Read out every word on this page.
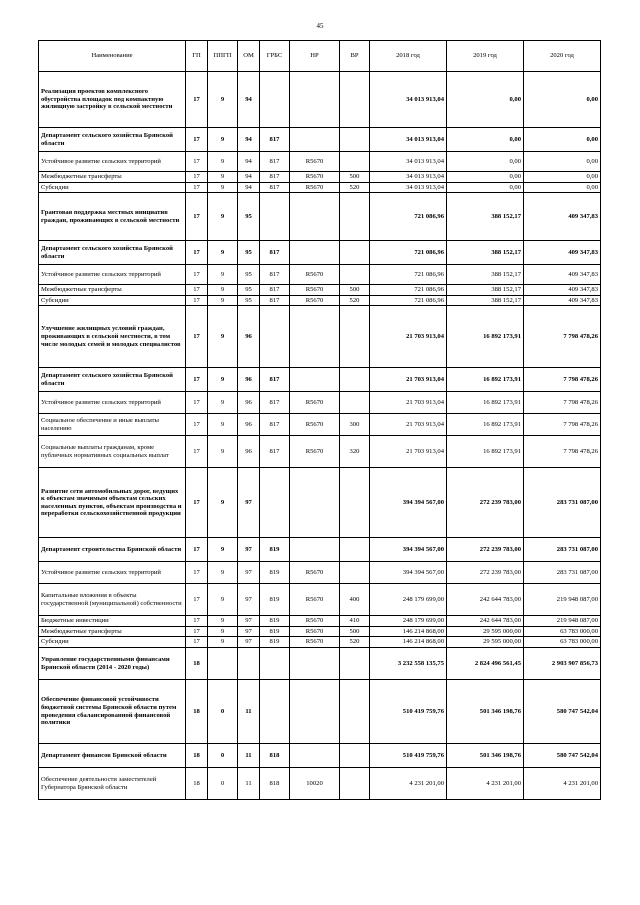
45
Наименование	ГП	ППГП	ОМ	ГРБС	НР	ВР	2018 год	2019 год	2020 год
Реализация проектов комплексного обустройства площадок под компактную жилищную застройку в сельской местности	17	9	94				34 013 913,04	0,00	0,00
Департамент сельского хозяйства Брянской области	17	9	94	817			34 013 913,04	0,00	0,00
Устойчивое развитие сельских территорий	17	9	94	817	R5670		34 013 913,04	0,00	0,00
Межбюджетные трансферты	17	9	94	817	R5670	500	34 013 913,04	0,00	0,00
Субсидии	17	9	94	817	R5670	520	34 013 913,04	0,00	0,00
Грантовая поддержка местных инициатив граждан, проживающих в сельской местности	17	9	95				721 086,96	388 152,17	409 347,83
Департамент сельского хозяйства Брянской области	17	9	95	817			721 086,96	388 152,17	409 347,83
Устойчивое развитие сельских территорий	17	9	95	817	R5670		721 086,96	388 152,17	409 347,83
Межбюджетные трансферты	17	9	95	817	R5670	500	721 086,96	388 152,17	409 347,83
Субсидии	17	9	95	817	R5670	520	721 086,96	388 152,17	409 347,83
Улучшение жилищных условий граждан, проживающих в сельской местности, в том числе молодых семей и молодых специалистов	17	9	96				21 703 913,04	16 892 173,91	7 798 478,26
Департамент сельского хозяйства Брянской области	17	9	96	817			21 703 913,04	16 892 173,91	7 798 478,26
Устойчивое развитие сельских территорий	17	9	96	817	R5670		21 703 913,04	16 892 173,91	7 798 478,26
Социальное обеспечение и иные выплаты населению	17	9	96	817	R5670	300	21 703 913,04	16 892 173,91	7 798 478,26
Социальные выплаты гражданам, кроме публичных нормативных социальных выплат	17	9	96	817	R5670	320	21 703 913,04	16 892 173,91	7 798 478,26
Развитие сети автомобильных дорог, ведущих к объектам значимым объектам сельских населенных пунктов, объектам производства и переработки сельскохозяйственной продукции	17	9	97				394 394 567,00	272 239 783,00	283 731 087,00
Департамент строительства Брянской области	17	9	97	819			394 394 567,00	272 239 783,00	283 731 087,00
Устойчивое развитие сельских территорий	17	9	97	819	R5670		394 394 567,00	272 239 783,00	283 731 087,00
Капитальные вложения в объекты государственной (муниципальной) собственности	17	9	97	819	R5670	400	248 179 699,00	242 644 783,00	219 948 087,00
Бюджетные инвестиции	17	9	97	819	R5670	410	248 179 699,00	242 644 783,00	219 948 087,00
Межбюджетные трансферты	17	9	97	819	R5670	500	146 214 868,00	29 595 000,00	63 783 000,00
Субсидии	17	9	97	819	R5670	520	146 214 868,00	29 595 000,00	63 783 000,00
Управление государственными финансами Брянской области (2014 - 2020 годы)	18						3 232 558 135,75	2 824 496 561,45	2 903 907 856,73
Обеспечение финансовой устойчивости бюджетной системы Брянской области путем проведения сбалансированной финансовой политики	18	0	11				510 419 759,76	501 346 198,76	580 747 542,04
Департамент финансов Брянской области	18	0	11	818			510 419 759,76	501 346 198,76	580 747 542,04
Обеспечение деятельности заместителей Губернатора Брянской области	18	0	11	818	10020		4 231 201,00	4 231 201,00	4 231 201,00
